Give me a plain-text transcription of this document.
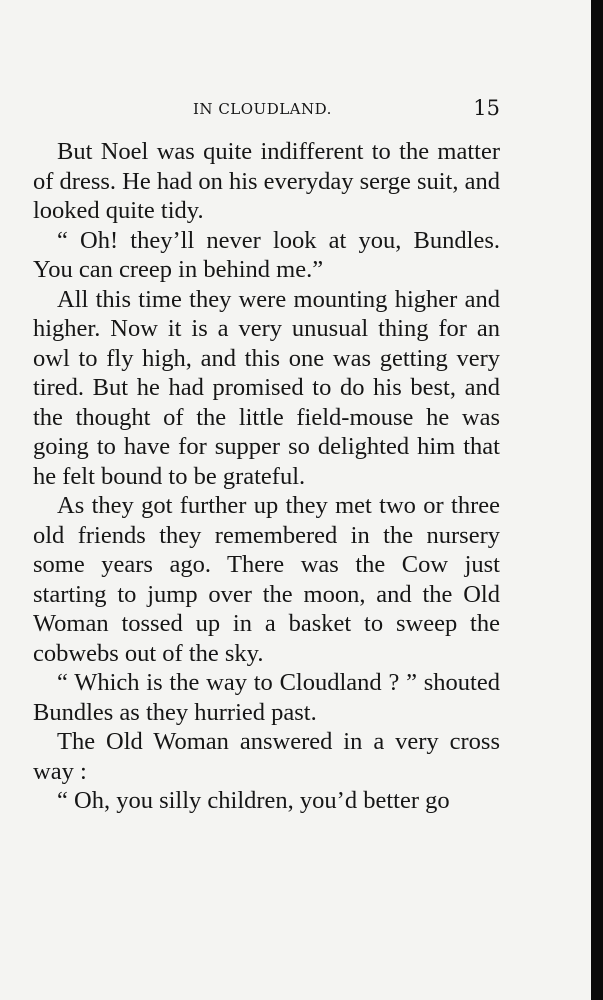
IN CLOUDLAND.	15

But Noel was quite indifferent to the matter of dress. He had on his everyday serge suit, and looked quite tidy.

“ Oh! they’ll never look at you, Bundles. You can creep in behind me.”

All this time they were mounting higher and higher. Now it is a very unusual thing for an owl to fly high, and this one was getting very tired. But he had promised to do his best, and the thought of the little field-mouse he was going to have for supper so delighted him that he felt bound to be grateful.

As they got further up they met two or three old friends they remembered in the nursery some years ago. There was the Cow just starting to jump over the moon, and the Old Woman tossed up in a basket to sweep the cobwebs out of the sky.

“ Which is the way to Cloudland ? ” shouted Bundles as they hurried past.

The Old Woman answered in a very cross way :

“ Oh, you silly children, you’d better go
